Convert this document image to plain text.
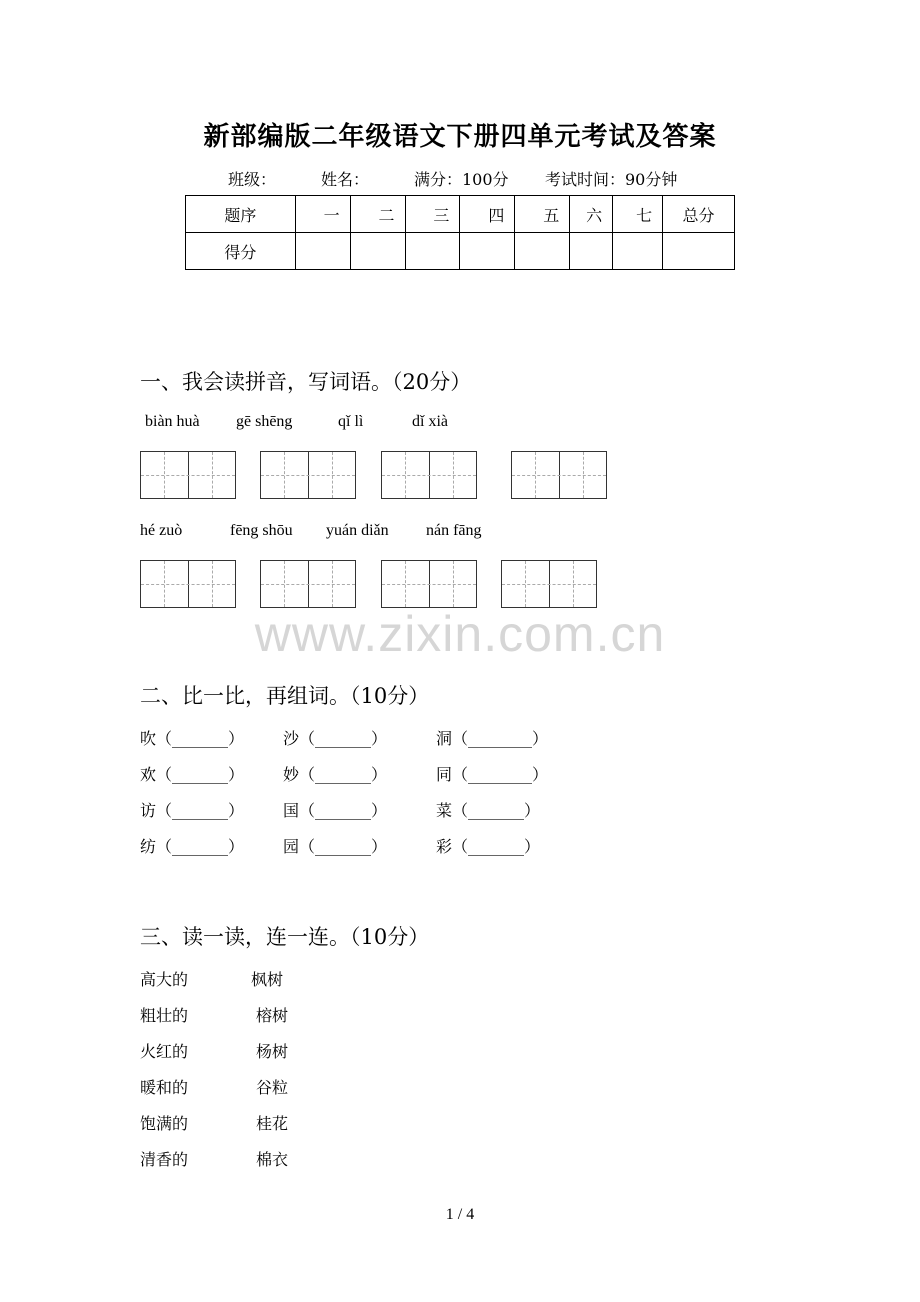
新部编版二年级语文下册四单元考试及答案
班级：	姓名：	满分：100分 考试时间：90分钟
题序	一	二	三	四	五	六	七	总分
得分								
一、我会读拼音，写词语。（20分）
biàn huà gē shēng	qǐ lì	dǐ xià
hé zuò	fēng shōu yuán diǎn nán fāng
www.zixin.com.cn
二、比一比，再组词。（10分）
吹（_______） 沙（_______）	洞（________）
欢（_______） 妙（_______）	同（________）
访（_______） 国（_______）	菜（_______）
纺（_______） 园（_______）	彩（_______）
三、读一读，连一连。（10分）
高大的	枫树
粗壮的	榕树
火红的	杨树
暖和的	谷粒
饱满的	桂花
清香的	棉衣
1 / 4
